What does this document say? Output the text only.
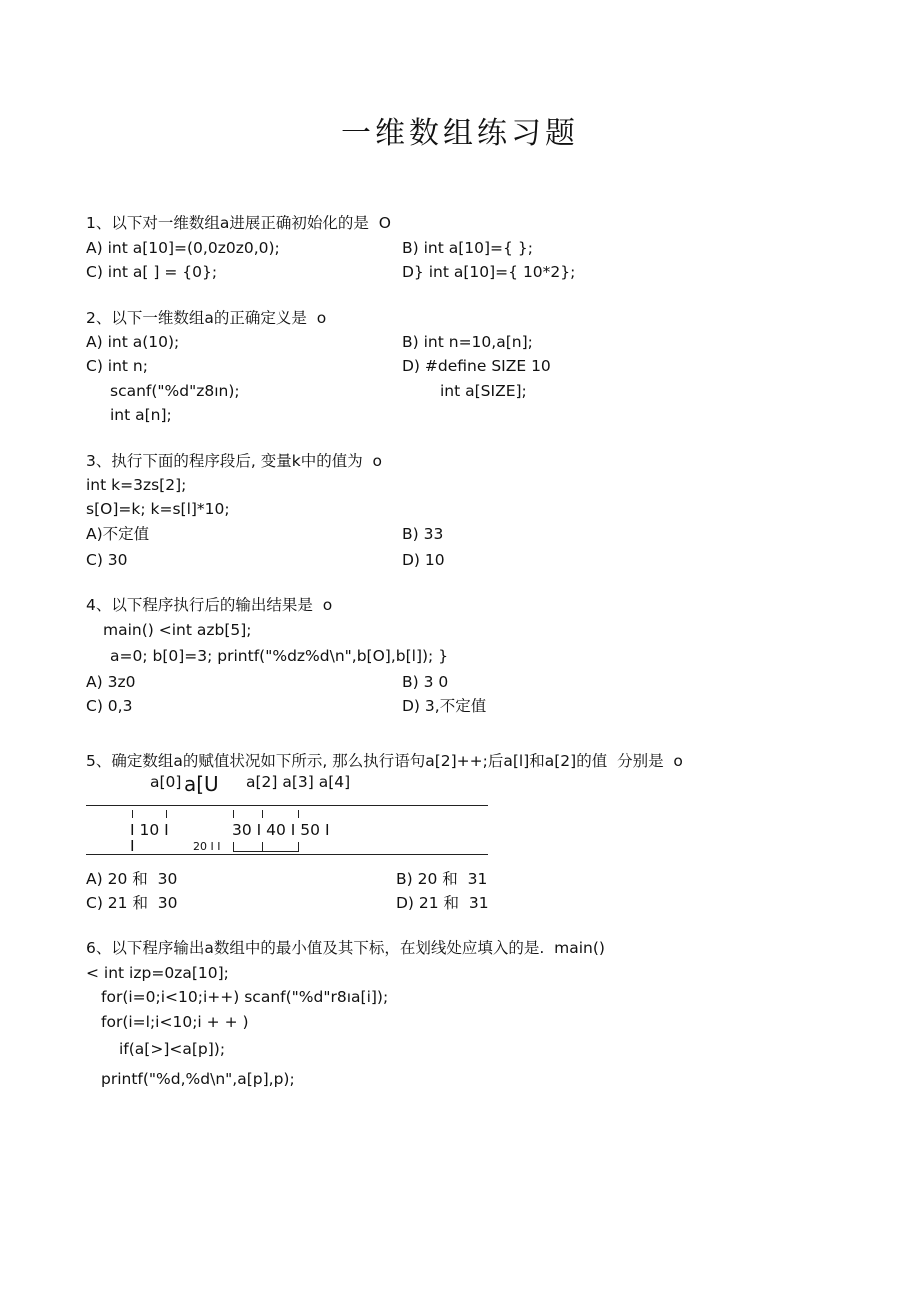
一维数组练习题
1、以下对一维数组a进展正确初始化的是  O
A) int a[10]=(0,0z0z0,0);	B) int a[10]={ };
C) int a[ ] = {0};	D} int a[10]={ 10*2};
2、以下一维数组a的正确定义是  o
A) int a(10);	B) int n=10,a[n];
C) int n;	D) #define SIZE 10
scanf("%d"z8ın);	int a[SIZE];
int a[n];
3、执行下面的程序段后, 变量k中的值为  o
int k=3zs[2];
s[O]=k; k=s[l]*10;
A)不定值	B) 33
C) 30	D) 10
4、以下程序执行后的输出结果是  o
main() <int azb[5];
a=0; b[0]=3; printf("%dz%d\n",b[O],b[l]); }
A) 3z0	B) 3 0
C) 0,3	D) 3,不定值
5、确定数组a的赋值状况如下所示, 那么执行语句a[2]++;后a[l]和a[2]的值  分别是  o
a[0] a[U a[2] a[3] a[4]
I 10 I	30 I 40 I 50 I
I	20 I I
A) 20 和  30	B) 20 和  31
C) 21 和  30	D) 21 和  31
6、以下程序输出a数组中的最小值及其下标，在划线处应填入的是.  main()
< int izp=0za[10];
for(i=0;i<10;i++) scanf("%d"r8ıa[i]);
for(i=l;i<10;i + + )
if(a[>]<a[p]);
printf("%d,%d\n",a[p],p);
